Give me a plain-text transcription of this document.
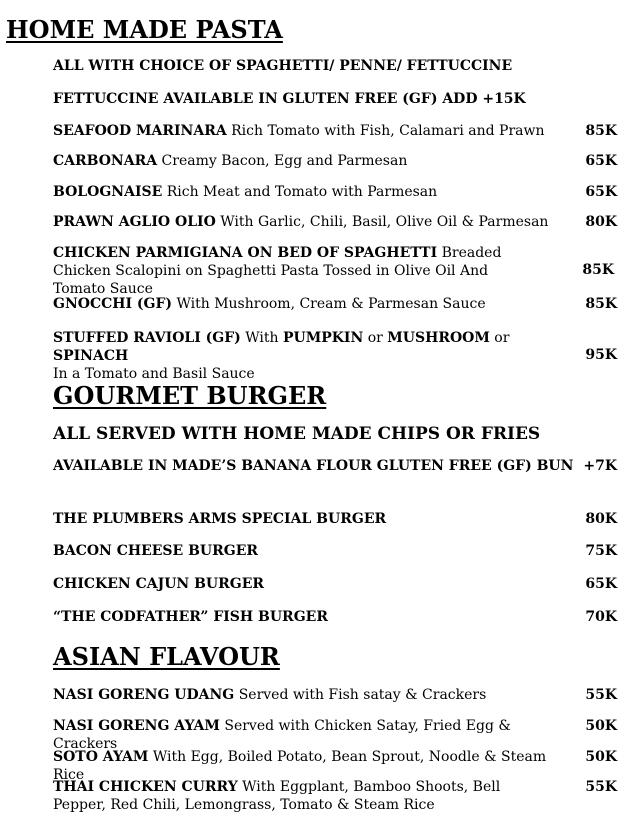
HOME MADE PASTA
ALL WITH CHOICE OF SPAGHETTI/ PENNE/ FETTUCCINE
FETTUCCINE AVAILABLE IN GLUTEN FREE (GF) ADD +15K
SEAFOOD MARINARA Rich Tomato with Fish, Calamari and Prawn	85K
CARBONARA Creamy Bacon, Egg and Parmesan	65K
BOLOGNAISE Rich Meat and Tomato with Parmesan	65K
PRAWN AGLIO OLIO With Garlic, Chili, Basil, Olive Oil & Parmesan	80K
CHICKEN PARMIGIANA ON BED OF SPAGHETTI Breaded Chicken Scalopini on Spaghetti Pasta Tossed in Olive Oil And Tomato Sauce
85K
GNOCCHI (GF) With Mushroom, Cream & Parmesan Sauce	85K
STUFFED RAVIOLI (GF) With PUMPKIN or MUSHROOM or SPINACH
In a Tomato and Basil Sauce
95K
GOURMET BURGER
ALL SERVED WITH HOME MADE CHIPS OR FRIES
AVAILABLE IN MADE’S BANANA FLOUR GLUTEN FREE (GF) BUN +7K
THE PLUMBERS ARMS SPECIAL BURGER	80K
BACON CHEESE BURGER	75K
CHICKEN CAJUN BURGER	65K
“THE CODFATHER” FISH BURGER	70K
ASIAN FLAVOUR
NASI GORENG UDANG Served with Fish satay & Crackers	55K
NASI GORENG AYAM Served with Chicken Satay, Fried Egg & Crackers
50K
SOTO AYAM With Egg, Boiled Potato, Bean Sprout, Noodle & Steam Rice
50K
THAI CHICKEN CURRY With Eggplant, Bamboo Shoots, Bell Pepper, Red Chili, Lemongrass, Tomato & Steam Rice
55K
